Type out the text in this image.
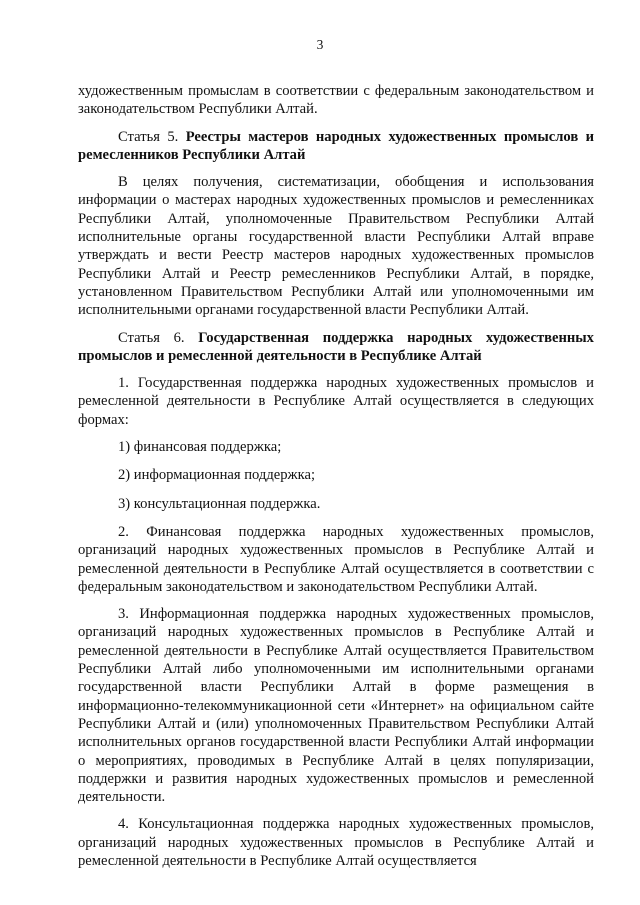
3

художественным промыслам в соответствии с федеральным законодательством и законодательством Республики Алтай.

Статья 5. Реестры мастеров народных художественных промыслов и ремесленников Республики Алтай

В целях получения, систематизации, обобщения и использования информации о мастерах народных художественных промыслов и ремесленниках Республики Алтай, уполномоченные Правительством Республики Алтай исполнительные органы государственной власти Республики Алтай вправе утверждать и вести Реестр мастеров народных художественных промыслов Республики Алтай и Реестр ремесленников Республики Алтай, в порядке, установленном Правительством Республики Алтай или уполномоченными им исполнительными органами государственной власти Республики Алтай.

Статья 6. Государственная поддержка народных художественных промыслов и ремесленной деятельности в Республике Алтай

1. Государственная поддержка народных художественных промыслов и ремесленной деятельности в Республике Алтай осуществляется в следующих формах:

1) финансовая поддержка;

2) информационная поддержка;

3) консультационная поддержка.

2. Финансовая поддержка народных художественных промыслов, организаций народных художественных промыслов в Республике Алтай и ремесленной деятельности в Республике Алтай осуществляется в соответствии с федеральным законодательством и законодательством Республики Алтай.

3. Информационная поддержка народных художественных промыслов, организаций народных художественных промыслов в Республике Алтай и ремесленной деятельности в Республике Алтай осуществляется Правительством Республики Алтай либо уполномоченными им исполнительными органами государственной власти Республики Алтай в форме размещения в информационно-телекоммуникационной сети «Интернет» на официальном сайте Республики Алтай и (или) уполномоченных Правительством Республики Алтай исполнительных органов государственной власти Республики Алтай информации о мероприятиях, проводимых в Республике Алтай в целях популяризации, поддержки и развития народных художественных промыслов и ремесленной деятельности.

4. Консультационная поддержка народных художественных промыслов, организаций народных художественных промыслов в Республике Алтай и ремесленной деятельности в Республике Алтай осуществляется
